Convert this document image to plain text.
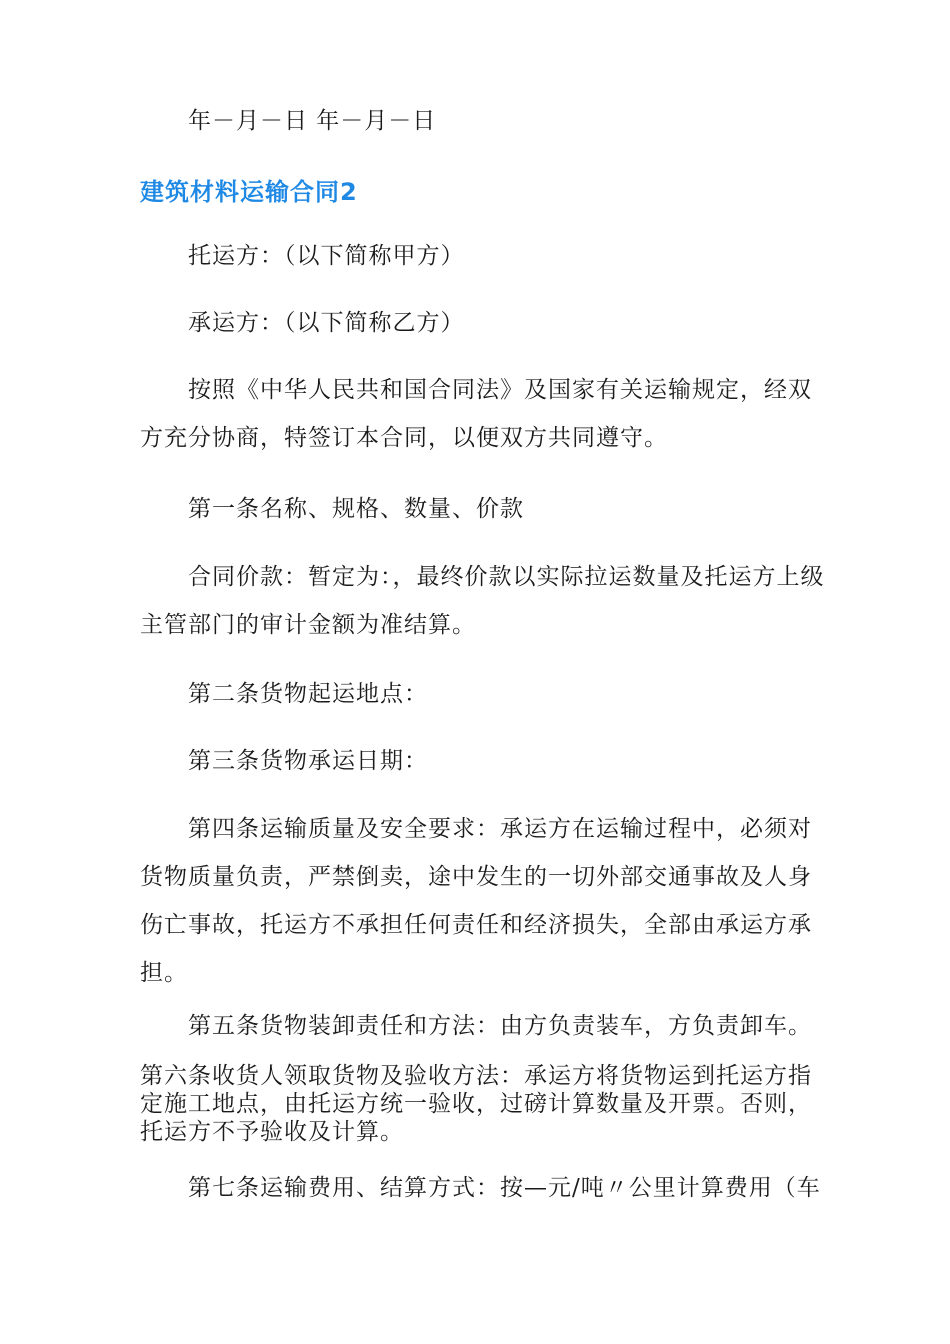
年－月－日 年－月－日

建筑材料运输合同2

托运方：（以下简称甲方）

承运方：（以下简称乙方）

按照《中华人民共和国合同法》及国家有关运输规定，经双方充分协商，特签订本合同，以便双方共同遵守。

第一条名称、规格、数量、价款

合同价款：暂定为：，最终价款以实际拉运数量及托运方上级主管部门的审计金额为准结算。

第二条货物起运地点：

第三条货物承运日期：

第四条运输质量及安全要求：承运方在运输过程中，必须对货物质量负责，严禁倒卖，途中发生的一切外部交通事故及人身伤亡事故，托运方不承担任何责任和经济损失，全部由承运方承担。

第五条货物装卸责任和方法：由方负责装车，方负责卸车。

第六条收货人领取货物及验收方法：承运方将货物运到托运方指定施工地点，由托运方统一验收，过磅计算数量及开票。否则，托运方不予验收及计算。

第七条运输费用、结算方式：按—元/吨〃公里计算费用（车
